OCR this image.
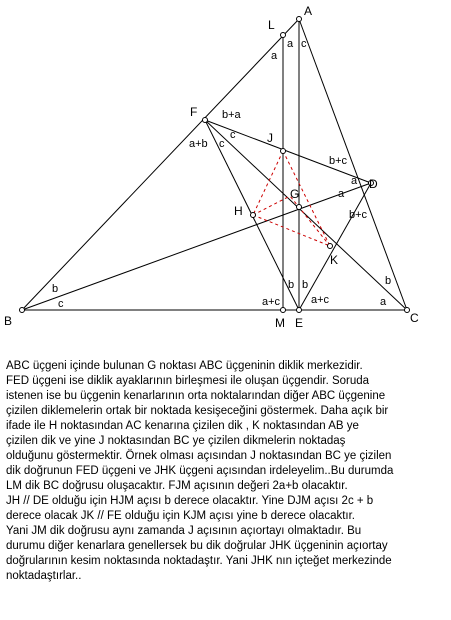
A
L
F
J
D
G
H
K
B	M E	C
a
a c
b+a
c
a+b c
b+c
a
a
b+c
b b
a+c	a+c
b
c
b
a

ABC üçgeni içinde bulunan G noktası ABC üçgeninin diklik merkezidir.

FED üçgeni ise diklik ayaklarının birleşmesi ile oluşan üçgendir. Soruda

istenen ise bu üçgenin kenarlarının orta noktalarından diğer ABC üçgenine

çizilen diklemelerin ortak bir noktada kesişeceğini göstermek. Daha açık bir

ifade ile H noktasından AC kenarına çizilen dik , K noktasından AB ye

çizilen dik ve yine J noktasından BC ye çizilen dikmelerin noktadaş

olduğunu göstermektir. Örnek olması açısından J noktasından BC ye çizilen

dik doğrunun FED üçgeni ve JHK üçgeni açısından irdeleyelim..Bu durumda

LM dik BC doğrusu oluşacaktır. FJM açısının değeri 2a+b olacaktır.

JH // DE olduğu için HJM açısı b derece olacaktır. Yine DJM açısı 2c + b

derece olacak JK // FE olduğu için KJM açısı yine b derece olacaktır.

Yani JM dik doğrusu aynı zamanda J açısının açıortayı olmaktadır. Bu

durumu diğer kenarlara genellersek bu dik doğrular JHK üçgeninin açıortay

doğrularının kesim noktasında noktadaştır. Yani JHK nın içteğet merkezinde

noktadaştırlar..
